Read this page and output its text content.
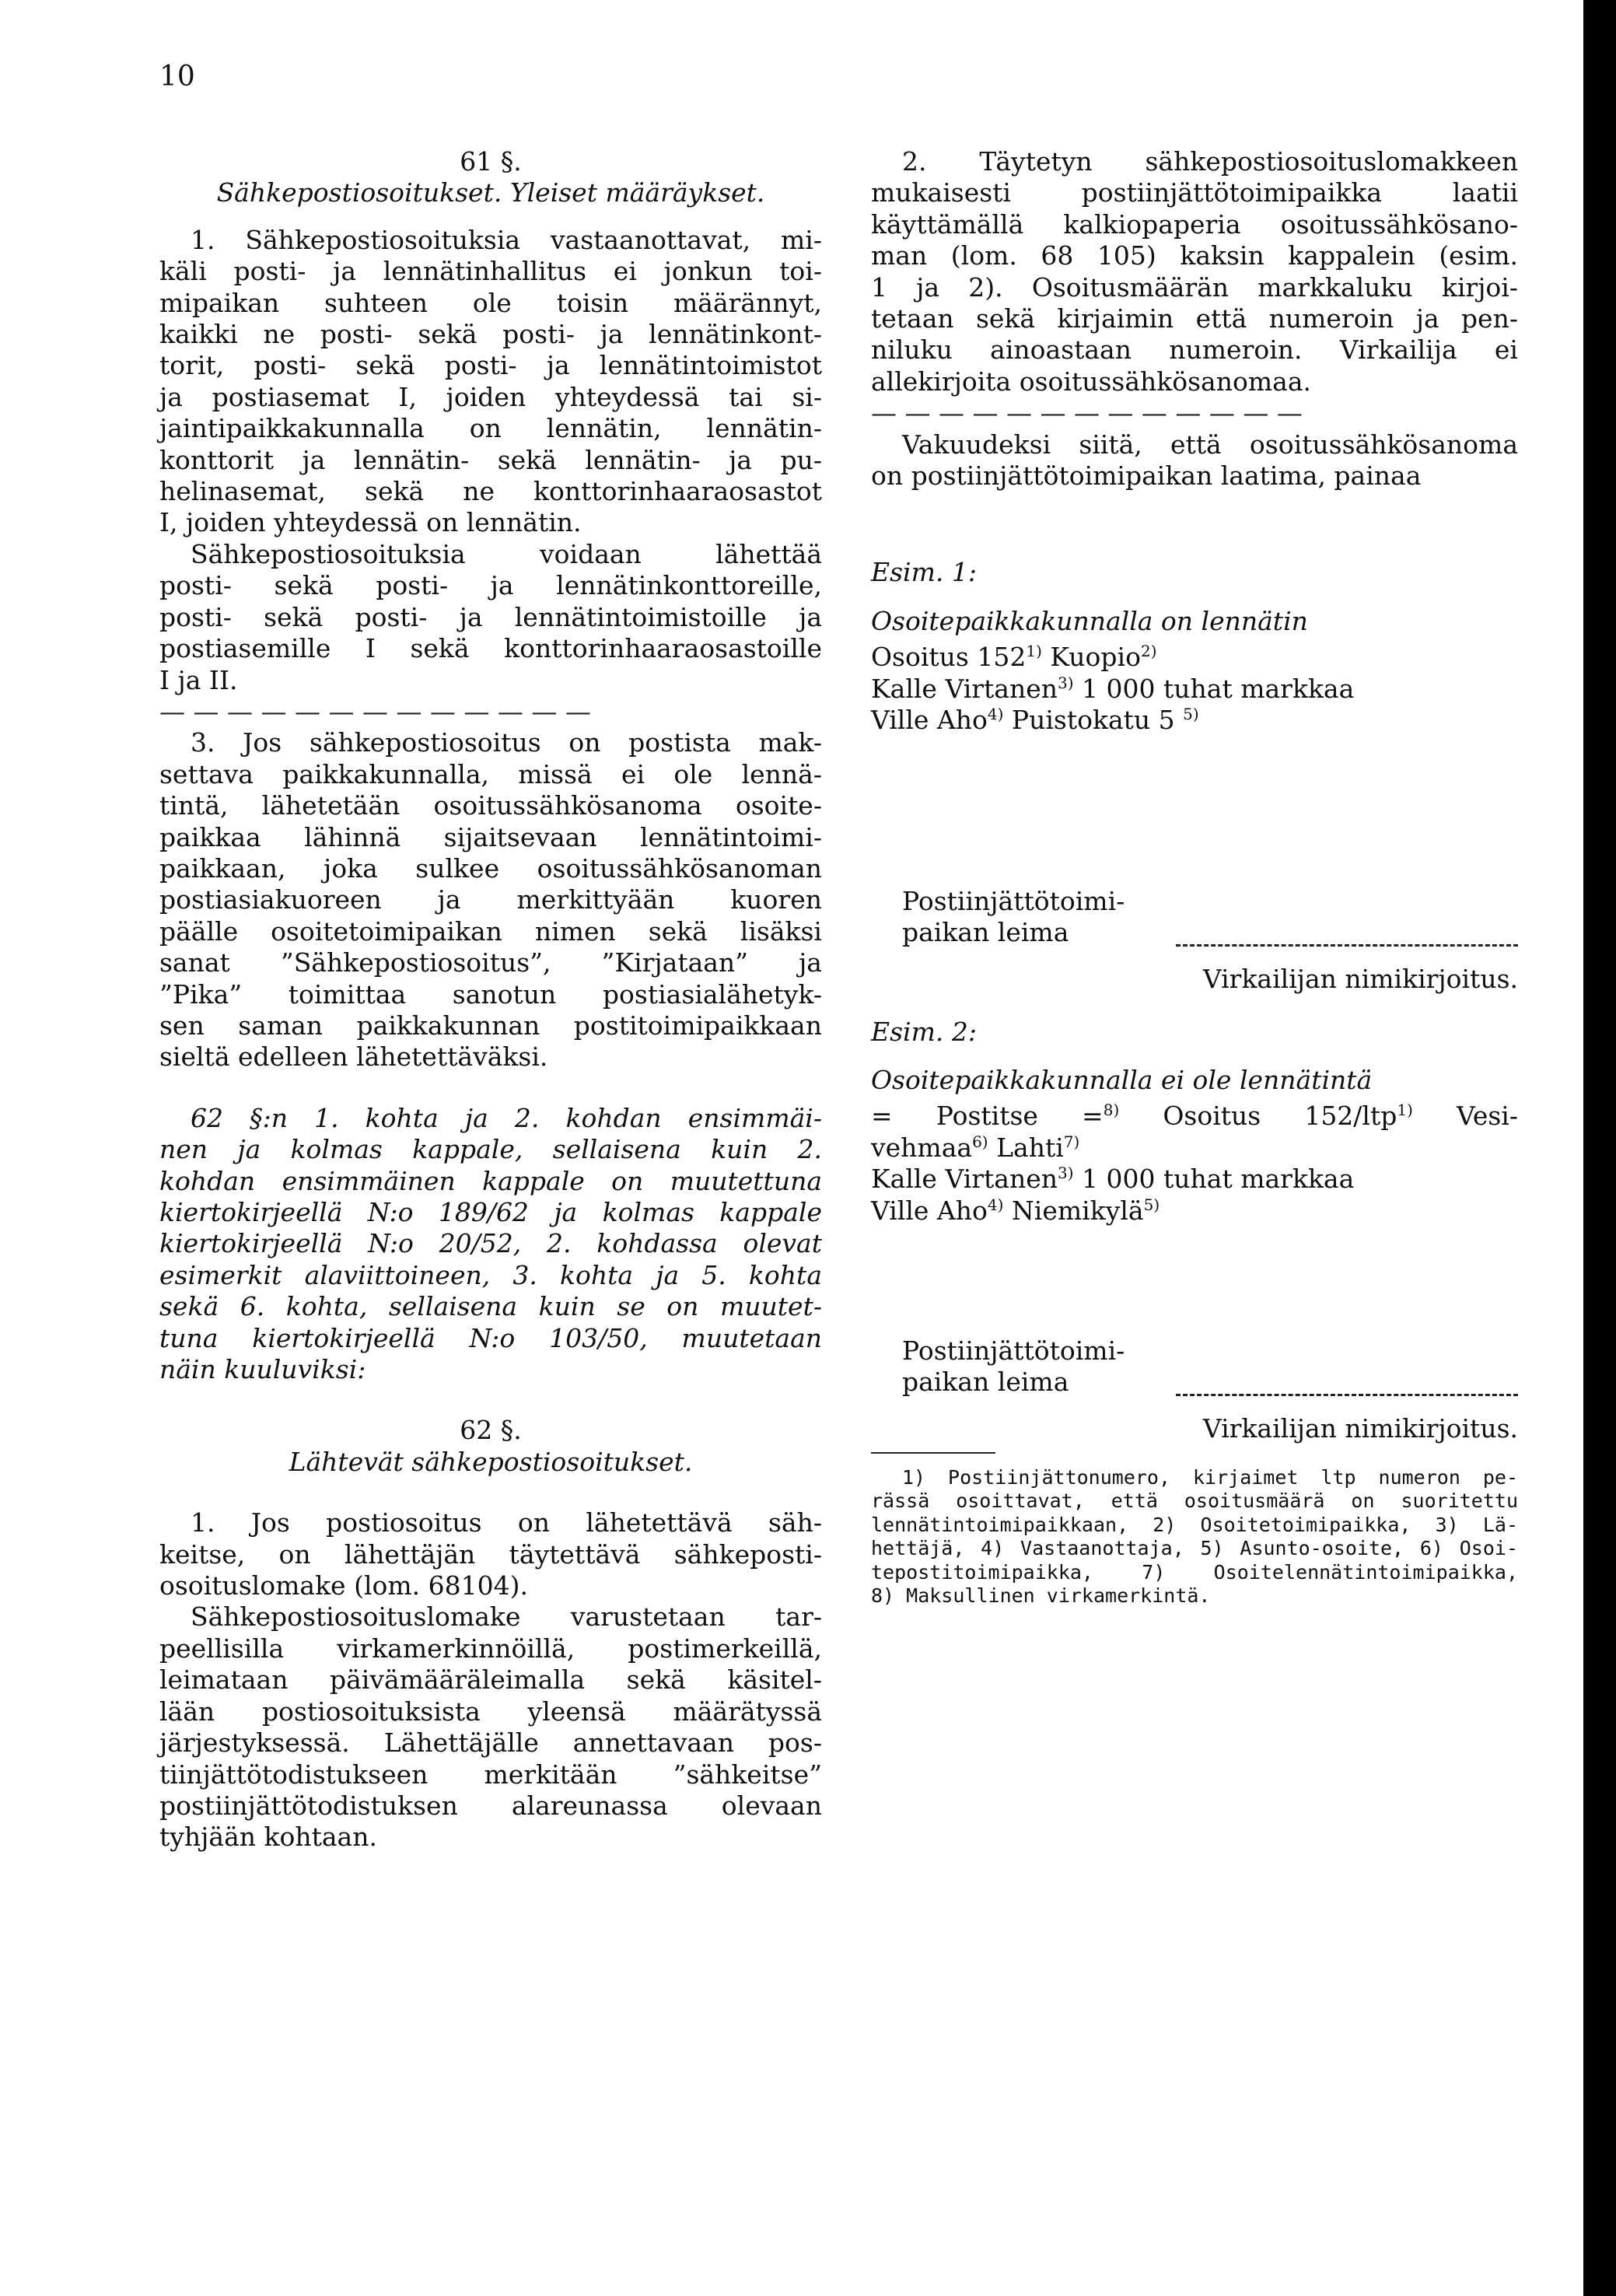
10

61 §.

Sähkepostiosoitukset. Yleiset määräykset.

1. Sähkepostiosoituksia vastaanottavat, mi-

käli posti- ja lennätinhallitus ei jonkun toi-

mipaikan suhteen ole toisin määrännyt,

kaikki ne posti- sekä posti- ja lennätinkont-

torit, posti- sekä posti- ja lennätintoimistot

ja postiasemat I, joiden yhteydessä tai si-

jaintipaikkakunnalla on lennätin, lennätin-

konttorit ja lennätin- sekä lennätin- ja pu-

helinasemat, sekä ne konttorinhaaraosastot

I, joiden yhteydessä on lennätin.

Sähkepostiosoituksia voidaan lähettää

posti- sekä posti- ja lennätinkonttoreille,

posti- sekä posti- ja lennätintoimistoille ja

postiasemille I sekä konttorinhaaraosastoille

I ja II.

— — — — — — — — — — — — —

3. Jos sähkepostiosoitus on postista mak-

settava paikkakunnalla, missä ei ole lennä-

tintä, lähetetään osoitussähkösanoma osoite-

paikkaa lähinnä sijaitsevaan lennätintoimi-

paikkaan, joka sulkee osoitussähkösanoman

postiasiakuoreen ja merkittyään kuoren

päälle osoitetoimipaikan nimen sekä lisäksi

sanat ”Sähkepostiosoitus”, ”Kirjataan” ja

”Pika” toimittaa sanotun postiasialähetyk-

sen saman paikkakunnan postitoimipaikkaan

sieltä edelleen lähetettäväksi.

62 §:n 1. kohta ja 2. kohdan ensimmäi-

nen ja kolmas kappale, sellaisena kuin 2.

kohdan ensimmäinen kappale on muutettuna

kiertokirjeellä N:o 189/62 ja kolmas kappale

kiertokirjeellä N:o 20/52, 2. kohdassa olevat

esimerkit alaviittoineen, 3. kohta ja 5. kohta

sekä 6. kohta, sellaisena kuin se on muutet-

tuna kiertokirjeellä N:o 103/50, muutetaan

näin kuuluviksi:

62 §.

Lähtevät sähkepostiosoitukset.

1. Jos postiosoitus on lähetettävä säh-

keitse, on lähettäjän täytettävä sähkeposti-

osoituslomake (lom. 68104).

Sähkepostiosoituslomake varustetaan tar-

peellisilla virkamerkinnöillä, postimerkeillä,

leimataan päivämääräleimalla sekä käsitel-

lään postiosoituksista yleensä määrätyssä

järjestyksessä. Lähettäjälle annettavaan pos-

tiinjättötodistukseen merkitään ”sähkeitse”

postiinjättötodistuksen alareunassa olevaan

tyhjään kohtaan.

2. Täytetyn sähkepostiosoituslomakkeen

mukaisesti postiinjättötoimipaikka laatii

käyttämällä kalkiopaperia osoitussähkösano-

man (lom. 68 105) kaksin kappalein (esim.

1 ja 2). Osoitusmäärän markkaluku kirjoi-

tetaan sekä kirjaimin että numeroin ja pen-

niluku ainoastaan numeroin. Virkailija ei

allekirjoita osoitussähkösanomaa.

— — — — — — — — — — — — —

Vakuudeksi siitä, että osoitussähkösanoma

on postiinjättötoimipaikan laatima, painaa

Esim. 1:

Osoitepaikkakunnalla on lennätin

Osoitus 152$^{1)}$ Kuopio$^{2)}$

Kalle Virtanen$^{3)}$ 1 000 tuhat markkaa

Ville Aho$^{4)}$ Puistokatu 5 $^{5)}$

Postiinjättötoimi-
paikan leima
Virkailijan nimikirjoitus.

Esim. 2:

Osoitepaikkakunnalla ei ole lennätintä

= Postitse =$^{8)}$ Osoitus 152/ltp$^{1)}$ Vesi-

vehmaa$^{6)}$ Lahti$^{7)}$

Kalle Virtanen$^{3)}$ 1 000 tuhat markkaa

Ville Aho$^{4)}$ Niemikylä$^{5)}$

Postiinjättötoimi-
paikan leima
Virkailijan nimikirjoitus.

1) Postiinjättonumero, kirjaimet ltp numeron pe-

rässä osoittavat, että osoitusmäärä on suoritettu

lennätintoimipaikkaan, 2) Osoitetoimipaikka, 3) Lä-

hettäjä, 4) Vastaanottaja, 5) Asunto-osoite, 6) Osoi-

tepostitoimipaikka, 7) Osoitelennätintoimipaikka,

8) Maksullinen virkamerkintä.
